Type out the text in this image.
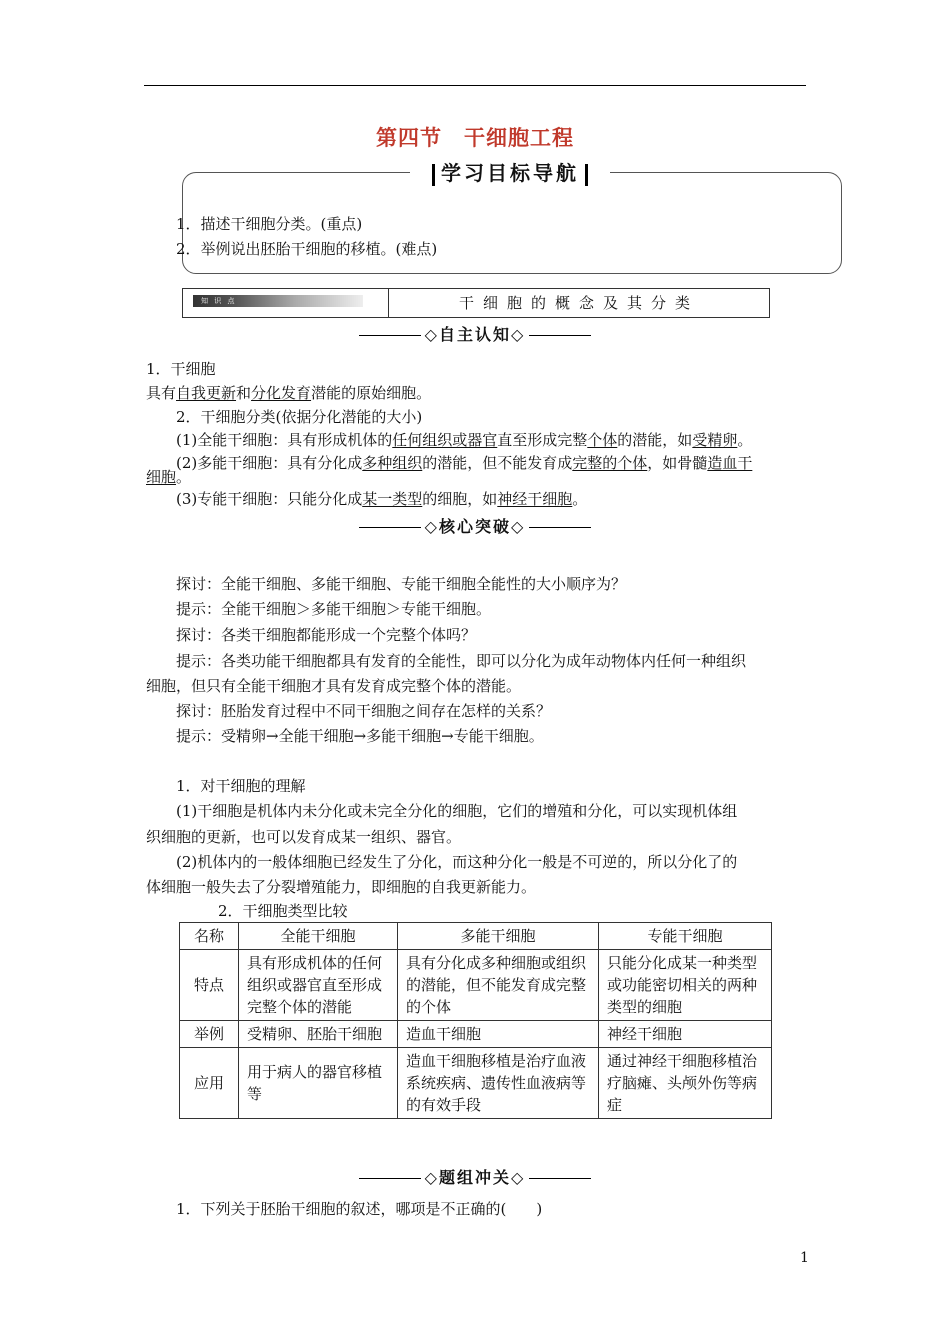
第四节　干细胞工程
学习目标导航
1．描述干细胞分类。(重点)
2．举例说出胚胎干细胞的移植。(难点)
知 识 点	干细胞的概念及其分类
◇自主认知◇
1．干细胞
具有自我更新和分化发育潜能的原始细胞。
2．干细胞分类(依据分化潜能的大小)
(1)全能干细胞：具有形成机体的任何组织或器官直至形成完整个体的潜能，如受精卵。
(2)多能干细胞：具有分化成多种组织的潜能，但不能发育成完整的个体，如骨髓造血干
细胞。
(3)专能干细胞：只能分化成某一类型的细胞，如神经干细胞。
◇核心突破◇
探讨：全能干细胞、多能干细胞、专能干细胞全能性的大小顺序为？
提示：全能干细胞＞多能干细胞＞专能干细胞。
探讨：各类干细胞都能形成一个完整个体吗？
提示：各类功能干细胞都具有发育的全能性，即可以分化为成年动物体内任何一种组织
细胞，但只有全能干细胞才具有发育成完整个体的潜能。
探讨：胚胎发育过程中不同干细胞之间存在怎样的关系？
提示：受精卵→全能干细胞→多能干细胞→专能干细胞。
1．对干细胞的理解
(1)干细胞是机体内未分化或未完全分化的细胞，它们的增殖和分化，可以实现机体组
织细胞的更新，也可以发育成某一组织、器官。
(2)机体内的一般体细胞已经发生了分化，而这种分化一般是不可逆的，所以分化了的
体细胞一般失去了分裂增殖能力，即细胞的自我更新能力。
2．干细胞类型比较
名称	全能干细胞	多能干细胞	专能干细胞
特点	具有形成机体的任何组织或器官直至形成完整个体的潜能	具有分化成多种细胞或组织的潜能，但不能发育成完整的个体	只能分化成某一种类型或功能密切相关的两种类型的细胞
举例	受精卵、胚胎干细胞	造血干细胞	神经干细胞
应用	用于病人的器官移植等	造血干细胞移植是治疗血液系统疾病、遗传性血液病等的有效手段	通过神经干细胞移植治疗脑瘫、头颅外伤等病症
◇题组冲关◇
1．下列关于胚胎干细胞的叙述，哪项是不正确的(　　)
1
